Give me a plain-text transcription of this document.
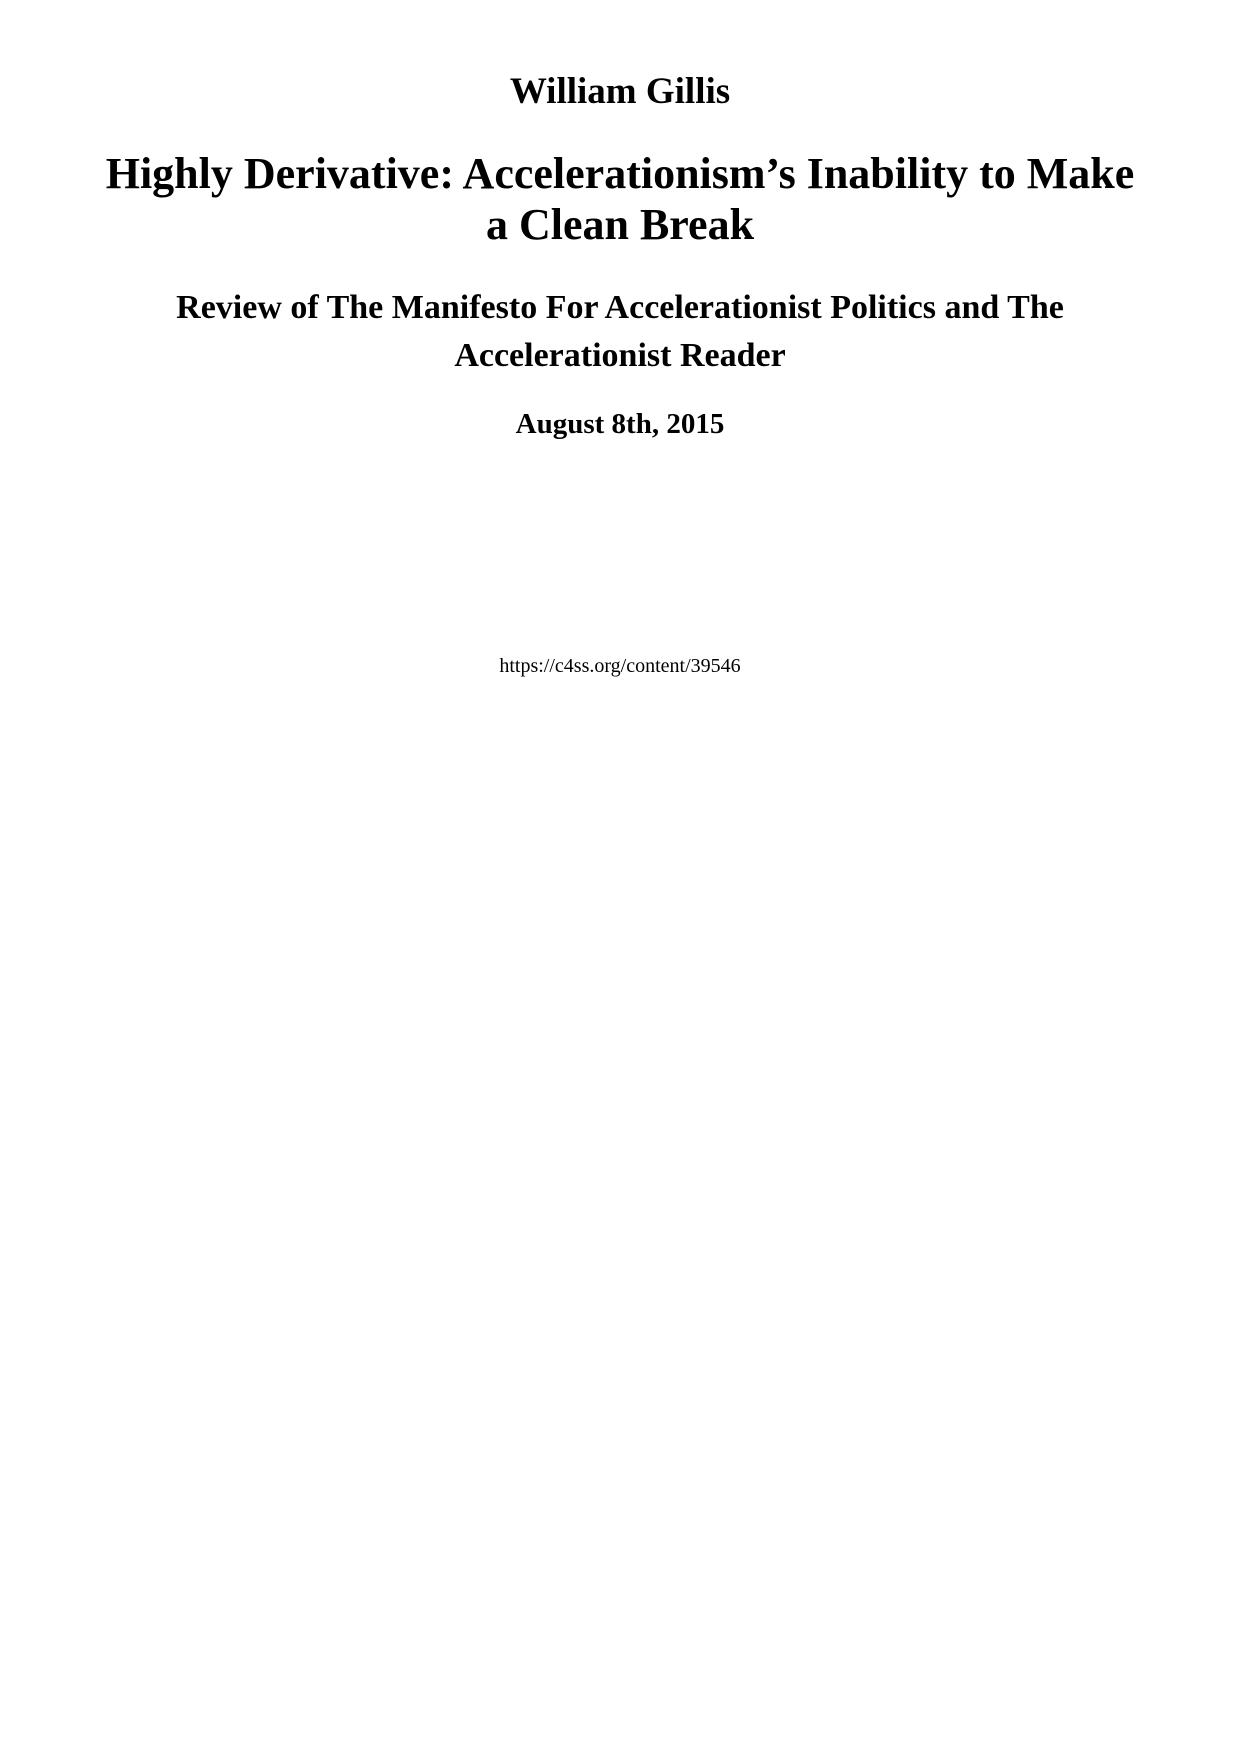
William Gillis
Highly Derivative: Accelerationism’s Inability to Make
a Clean Break
Review of The Manifesto For Accelerationist Politics and The
Accelerationist Reader
August 8th, 2015
https://c4ss.org/content/39546
